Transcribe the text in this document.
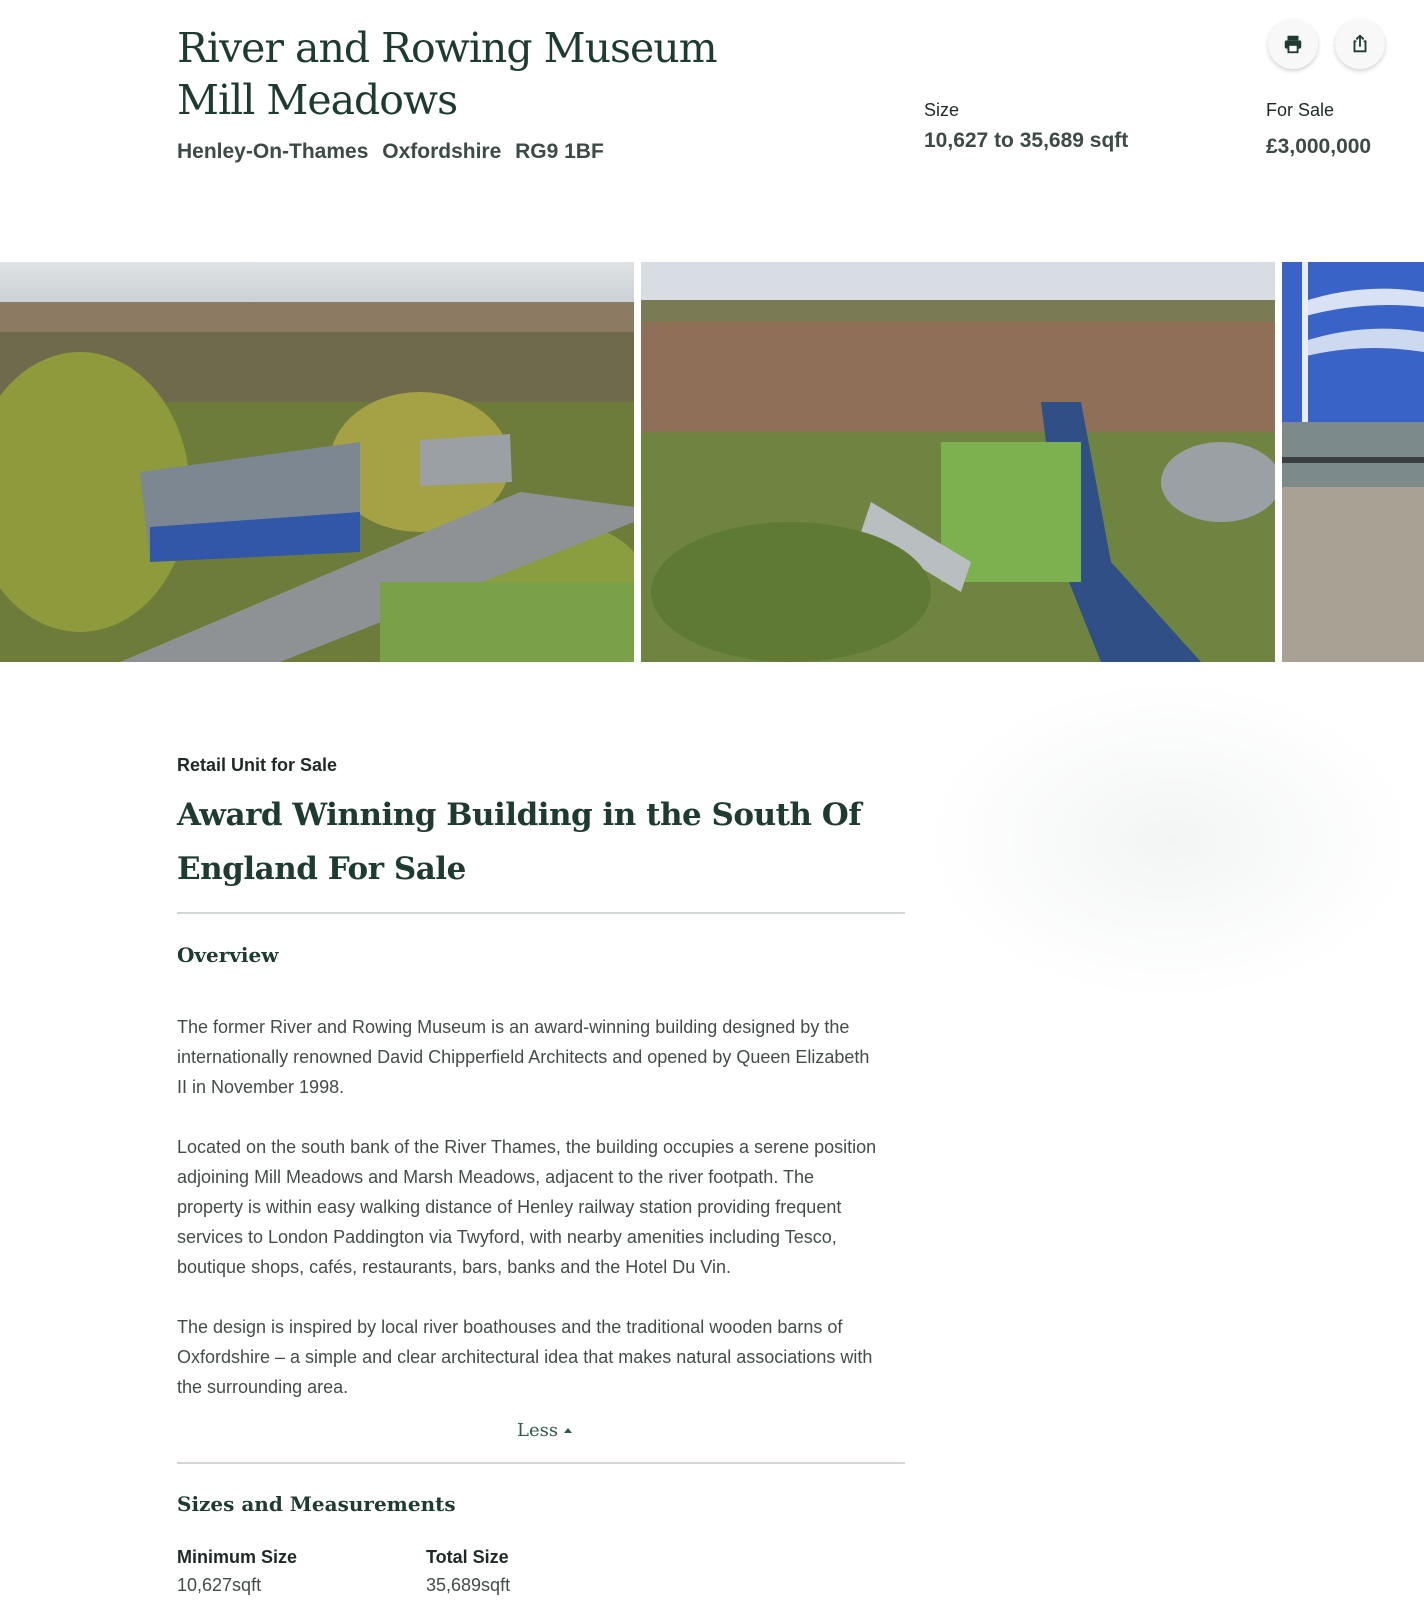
River and Rowing Museum Mill Meadows
Henley-On-Thames Oxfordshire RG9 1BF
Size
10,627 to 35,689 sqft
For Sale
£3,000,000
Retail Unit for Sale
Award Winning Building in the South Of England For Sale
Overview

The former River and Rowing Museum is an award-winning building designed by the internationally renowned David Chipperfield Architects and opened by Queen Elizabeth II in November 1998.

Located on the south bank of the River Thames, the building occupies a serene position adjoining Mill Meadows and Marsh Meadows, adjacent to the river footpath. The property is within easy walking distance of Henley railway station providing frequent services to London Paddington via Twyford, with nearby amenities including Tesco, boutique shops, cafés, restaurants, bars, banks and the Hotel Du Vin.

The design is inspired by local river boathouses and the traditional wooden barns of Oxfordshire – a simple and clear architectural idea that makes natural associations with the surrounding area.

Less
Sizes and Measurements
Minimum Size
10,627sqft
Total Size
35,689sqft
